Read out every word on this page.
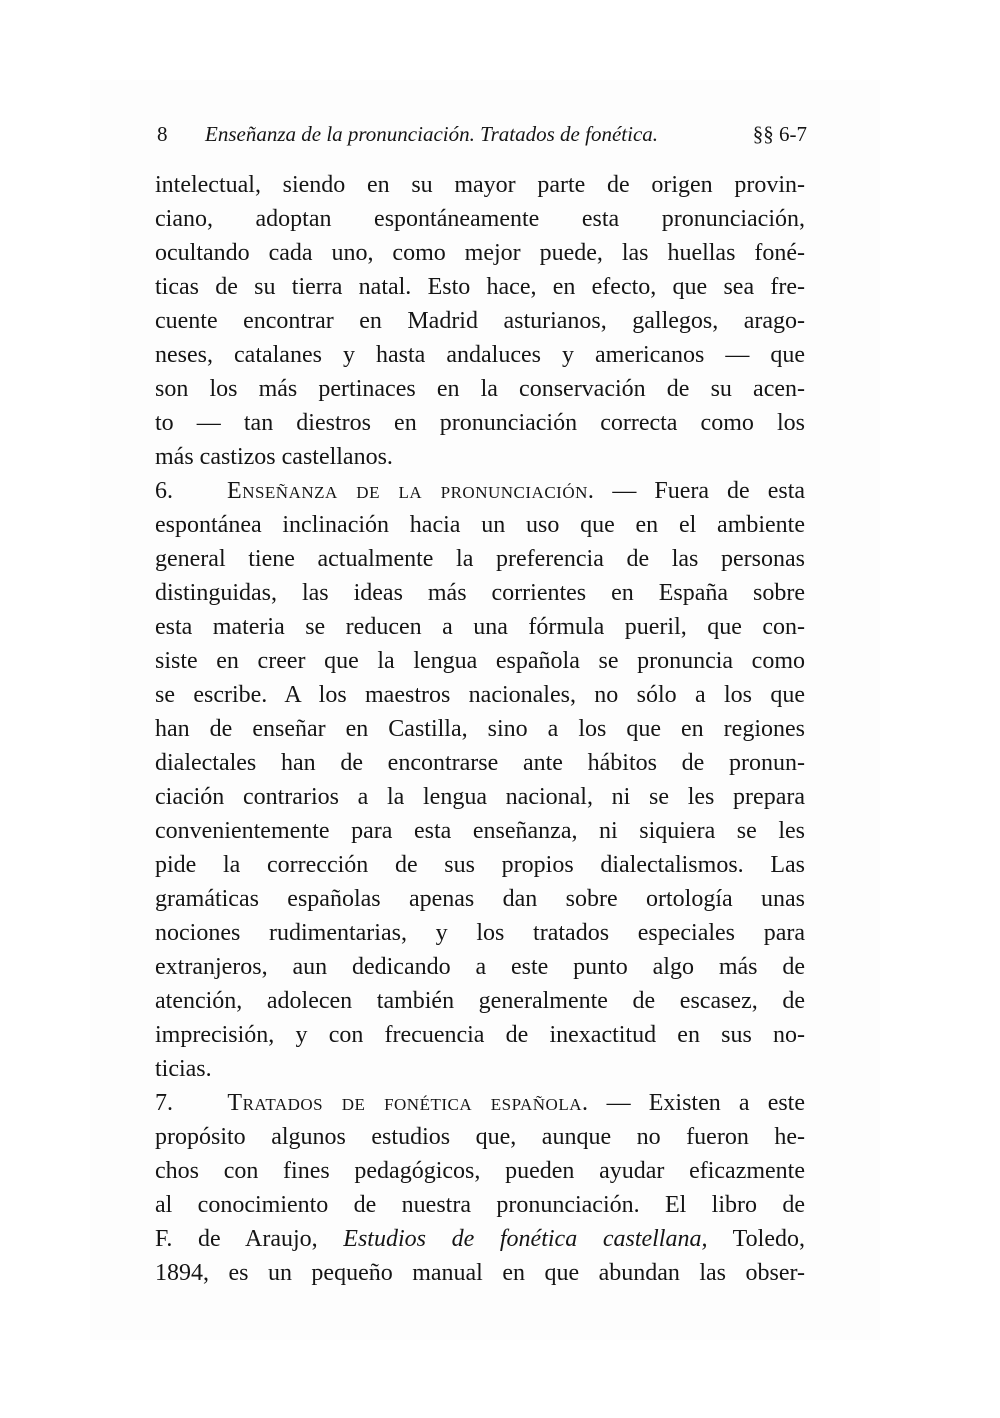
8	Enseñanza de la pronunciación. Tratados de fonética.	§§ 6-7
intelectual, siendo en su mayor parte de origen provin-
ciano, adoptan espontáneamente esta pronunciación,
ocultando cada uno, como mejor puede, las huellas foné-
ticas de su tierra natal. Esto hace, en efecto, que sea fre-
cuente encontrar en Madrid asturianos, gallegos, arago-
neses, catalanes y hasta andaluces y americanos — que
son los más pertinaces en la conservación de su acen-
to — tan diestros en pronunciación correcta como los
más castizos castellanos.
6. Enseñanza de la pronunciación. — Fuera de esta
espontánea inclinación hacia un uso que en el ambiente
general tiene actualmente la preferencia de las personas
distinguidas, las ideas más corrientes en España sobre
esta materia se reducen a una fórmula pueril, que con-
siste en creer que la lengua española se pronuncia como
se escribe. A los maestros nacionales, no sólo a los que
han de enseñar en Castilla, sino a los que en regiones
dialectales han de encontrarse ante hábitos de pronun-
ciación contrarios a la lengua nacional, ni se les prepara
convenientemente para esta enseñanza, ni siquiera se les
pide la corrección de sus propios dialectalismos. Las
gramáticas españolas apenas dan sobre ortología unas
nociones rudimentarias, y los tratados especiales para
extranjeros, aun dedicando a este punto algo más de
atención, adolecen también generalmente de escasez, de
imprecisión, y con frecuencia de inexactitud en sus no-
ticias.
7. Tratados de fonética española. — Existen a este
propósito algunos estudios que, aunque no fueron he-
chos con fines pedagógicos, pueden ayudar eficazmente
al conocimiento de nuestra pronunciación. El libro de
F. de Araujo, Estudios de fonética castellana, Toledo,
1894, es un pequeño manual en que abundan las obser-
